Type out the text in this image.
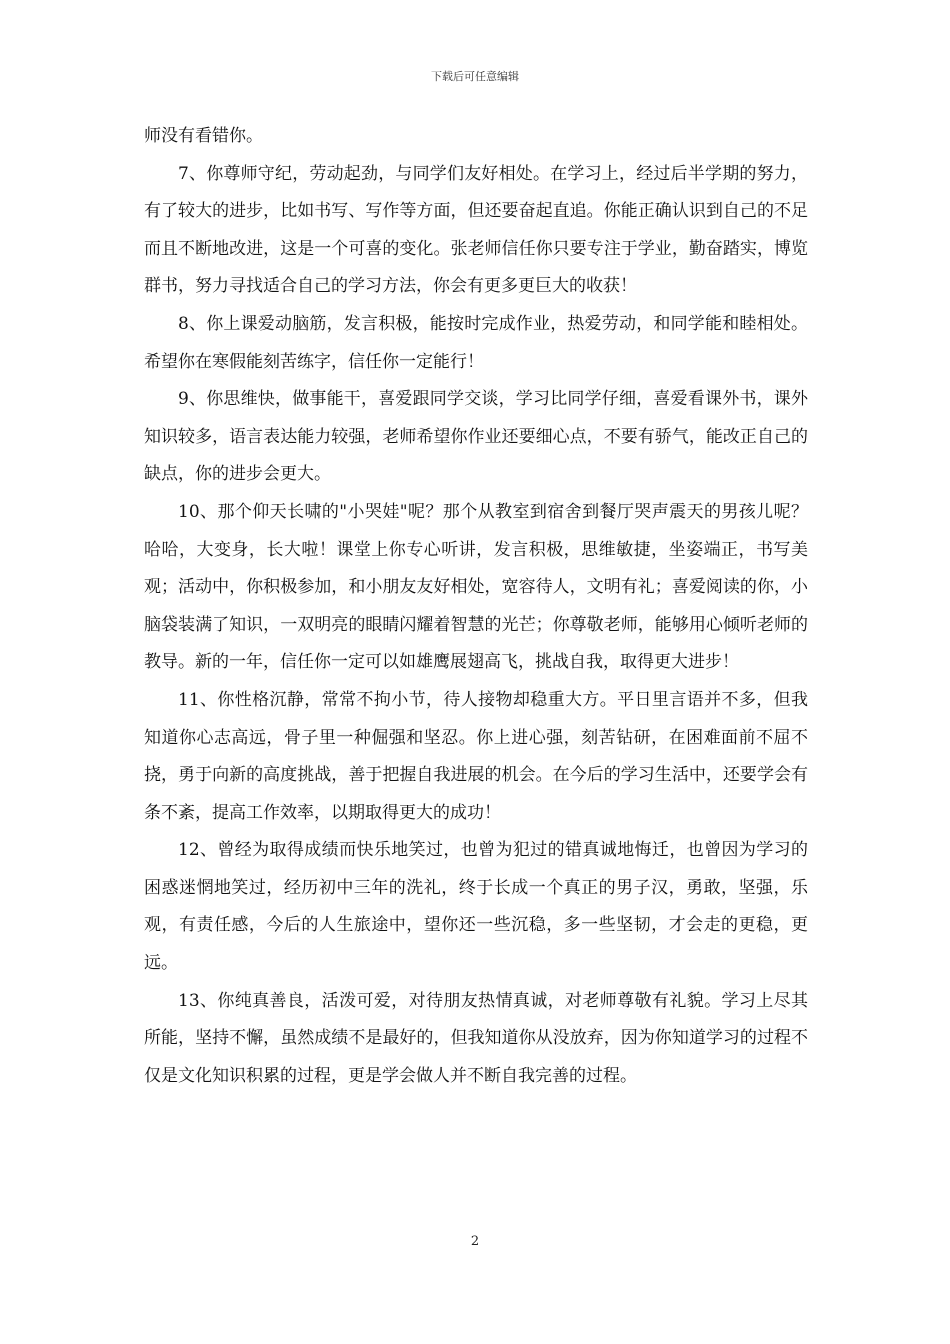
下载后可任意编辑

师没有看错你。

7、你尊师守纪，劳动起劲，与同学们友好相处。在学习上，经过后半学期的努力，有了较大的进步，比如书写、写作等方面，但还要奋起直追。你能正确认识到自己的不足而且不断地改进，这是一个可喜的变化。张老师信任你只要专注于学业，勤奋踏实，博览群书，努力寻找适合自己的学习方法，你会有更多更巨大的收获！

8、你上课爱动脑筋，发言积极，能按时完成作业，热爱劳动，和同学能和睦相处。希望你在寒假能刻苦练字，信任你一定能行！

9、你思维快，做事能干，喜爱跟同学交谈，学习比同学仔细，喜爱看课外书，课外知识较多，语言表达能力较强，老师希望你作业还要细心点，不要有骄气，能改正自己的缺点，你的进步会更大。

10、那个仰天长啸的"小哭娃"呢？那个从教室到宿舍到餐厅哭声震天的男孩儿呢？哈哈，大变身，长大啦！课堂上你专心听讲，发言积极，思维敏捷，坐姿端正，书写美观；活动中，你积极参加，和小朋友友好相处，宽容待人，文明有礼；喜爱阅读的你，小脑袋装满了知识，一双明亮的眼睛闪耀着智慧的光芒；你尊敬老师，能够用心倾听老师的教导。新的一年，信任你一定可以如雄鹰展翅高飞，挑战自我，取得更大进步！

11、你性格沉静，常常不拘小节，待人接物却稳重大方。平日里言语并不多，但我知道你心志高远，骨子里一种倔强和坚忍。你上进心强，刻苦钻研，在困难面前不屈不挠，勇于向新的高度挑战，善于把握自我进展的机会。在今后的学习生活中，还要学会有条不紊，提高工作效率，以期取得更大的成功！

12、曾经为取得成绩而快乐地笑过，也曾为犯过的错真诚地悔迁，也曾因为学习的困惑迷惘地笑过，经历初中三年的洗礼，终于长成一个真正的男子汉，勇敢，坚强，乐观，有责任感，今后的人生旅途中，望你还一些沉稳，多一些坚韧，才会走的更稳，更远。

13、你纯真善良，活泼可爱，对待朋友热情真诚，对老师尊敬有礼貌。学习上尽其所能，坚持不懈，虽然成绩不是最好的，但我知道你从没放弃，因为你知道学习的过程不仅是文化知识积累的过程，更是学会做人并不断自我完善的过程。

2
